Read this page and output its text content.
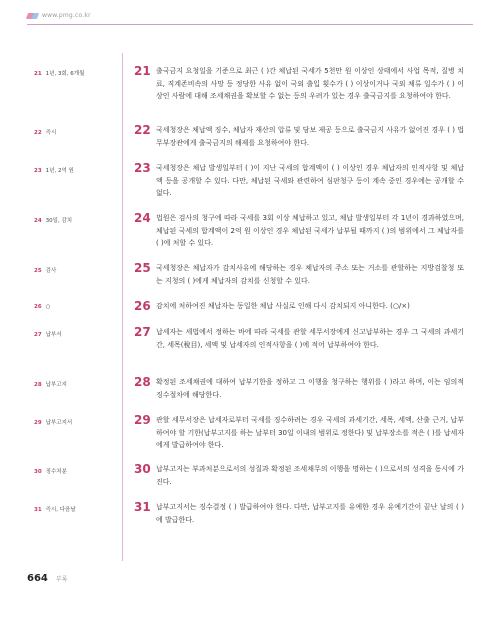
www.pmg.co.kr
21 1년, 3회, 6개월
22 즉시
23 1년, 2억 원
24 30일, 감치
25 검사
26 ○
27 납부서
28 납부고지
29 납부고지서
30 징수처분
31 즉시, 다음날
21 출국금지 요청일을 기준으로 최근 ( )간 체납된 국세가 5천만 원 이상인 상태에서 사업 목적, 질병 치료, 직계존비속의 사망 등 정당한 사유 없이 국외 출입 횟수가 ( ) 이상이거나 국외 체류 일수가 ( ) 이상인 사람에 대해 조세채권을 확보할 수 없는 등의 우려가 있는 경우 출국금지를 요청하여야 한다.
22 국세청장은 체납액 징수, 체납자 재산의 압류 및 담보 제공 등으로 출국금지 사유가 없어진 경우 ( ) 법무부장관에게 출국금지의 해제를 요청하여야 한다.
23 국세청장은 체납 발생일부터 ( )이 지난 국세의 합계액이 ( ) 이상인 경우 체납자의 인적사항 및 체납액 등을 공개할 수 있다. 다만, 체납된 국세와 관련하여 심판청구 등이 계속 중인 경우에는 공개할 수 없다.
24 법원은 검사의 청구에 따라 국세를 3회 이상 체납하고 있고, 체납 발생일부터 각 1년이 경과하였으며, 체납된 국세의 합계액이 2억 원 이상인 경우 체납된 국세가 납부될 때까지 ( )의 범위에서 그 체납자를 ( )에 처할 수 있다.
25 국세청장은 체납자가 감치사유에 해당하는 경우 체납자의 주소 또는 거소를 관할하는 지방검찰청 또는 지청의 ( )에게 체납자의 감치를 신청할 수 있다.
26 감치에 처하여진 체납자는 동일한 체납 사실로 인해 다시 감치되지 아니한다. (○/×)
27 납세자는 세법에서 정하는 바에 따라 국세를 관할 세무서장에게 신고납부하는 경우 그 국세의 과세기간, 세목(稅目), 세액 및 납세자의 인적사항을 ( )에 적어 납부하여야 한다.
28 확정된 조세채권에 대하여 납부기한을 정하고 그 이행을 청구하는 행위를 ( )라고 하며, 이는 임의적 징수절차에 해당한다.
29 관할 세무서장은 납세자로부터 국세를 징수하려는 경우 국세의 과세기간, 세목, 세액, 산출 근거, 납부하여야 할 기한(납부고지를 하는 날부터 30일 이내의 범위로 정한다) 및 납부장소를 적은 ( )를 납세자에게 발급하여야 한다.
30 납부고지는 부과처분으로서의 성질과 확정된 조세채무의 이행을 명하는 ( )으로서의 성격을 동시에 가진다.
31 납부고지서는 징수결정 ( ) 발급하여야 한다. 다만, 납부고지를 유예한 경우 유예기간이 끝난 날의 ( )에 발급한다.
664 부록
